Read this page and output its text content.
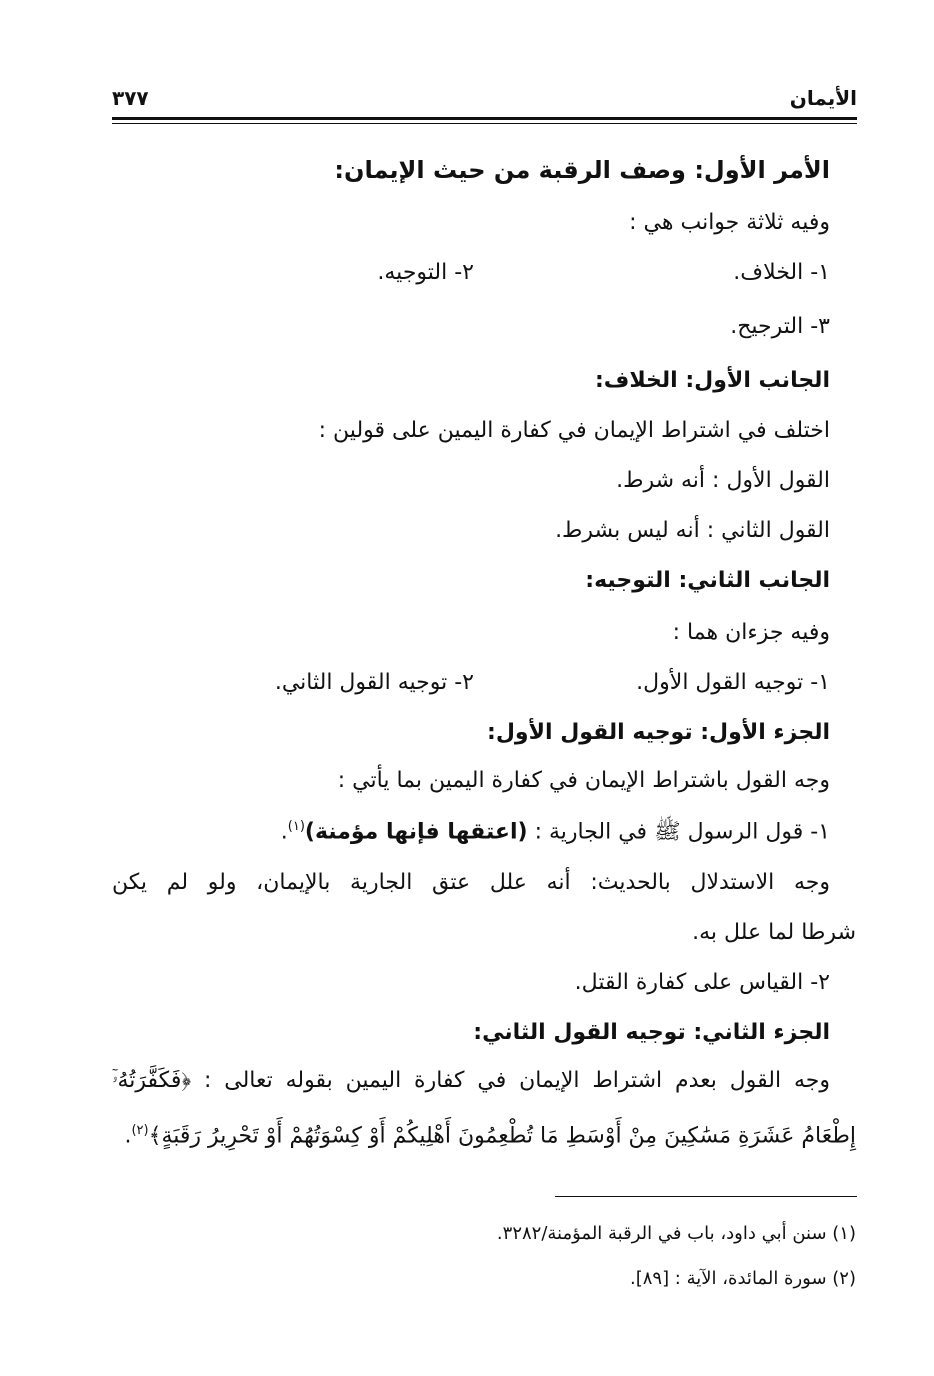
الأيمان
٣٧٧
الأمر الأول: وصف الرقبة من حيث الإيمان:
وفيه ثلاثة جوانب هي :
١- الخلاف.
٢- التوجيه.
٣- الترجيح.
الجانب الأول: الخلاف:
اختلف في اشتراط الإيمان في كفارة اليمين على قولين :
القول الأول : أنه شرط.
القول الثاني : أنه ليس بشرط.
الجانب الثاني: التوجيه:
وفيه جزءان هما :
١- توجيه القول الأول.
٢- توجيه القول الثاني.
الجزء الأول: توجيه القول الأول:
وجه القول باشتراط الإيمان في كفارة اليمين بما يأتي :
١- قول الرسول ﷺ في الجارية : (اعتقها فإنها مؤمنة)$^{(١)}$.
وجه الاستدلال بالحديث: أنه علل عتق الجارية بالإيمان، ولو لم يكن
شرطا لما علل به.
٢- القياس على كفارة القتل.
الجزء الثاني: توجيه القول الثاني:
وجه القول بعدم اشتراط الإيمان في كفارة اليمين بقوله تعالى : ﴿فَكَفَّرَتُهُۥٓ
إِطْعَامُ عَشَرَةِ مَسَٰكِينَ مِنْ أَوْسَطِ مَا تُطْعِمُونَ أَهْلِيكُمْ أَوْ كِسْوَتُهُمْ أَوْ تَحْرِيرُ رَقَبَةٍ﴾$^{(٢)}$.
(١) سنن أبي داود، باب في الرقبة المؤمنة/٣٢٨٢.
(٢) سورة المائدة، الآية : [٨٩].
